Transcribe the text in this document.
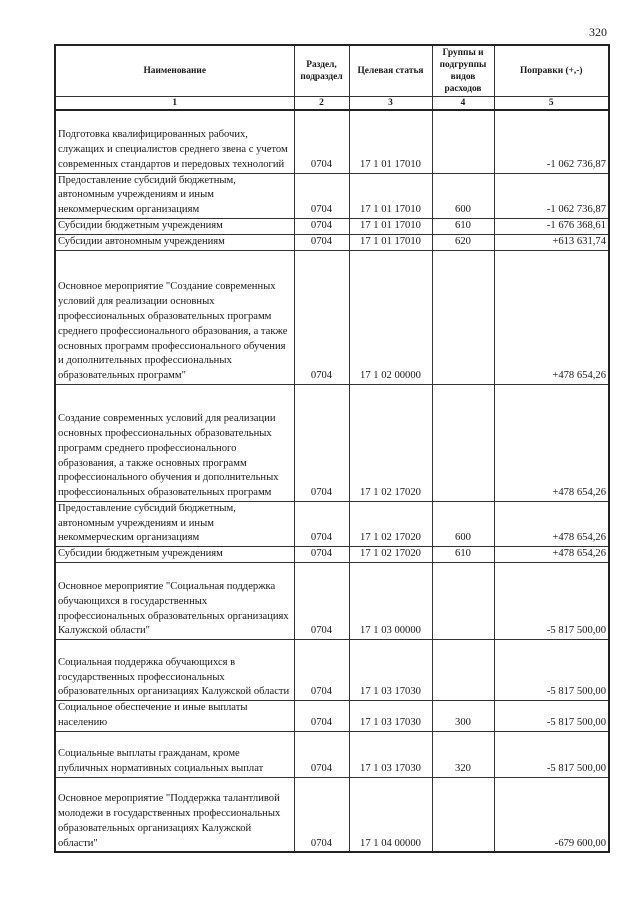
320
Наименование	Раздел, подраздел	Целевая статья	Группы и подгруппы видов расходов	Поправки (+,-)
1	2	3	4	5
Подготовка квалифицированных рабочих, служащих и специалистов среднего звена с учетом современных стандартов и передовых технологий	0704	17 1 01 17010		-1 062 736,87
Предоставление субсидий бюджетным, автономным учреждениям и иным некоммерческим организациям	0704	17 1 01 17010	600	-1 062 736,87
Субсидии бюджетным учреждениям	0704	17 1 01 17010	610	-1 676 368,61
Субсидии автономным учреждениям	0704	17 1 01 17010	620	+613 631,74
Основное мероприятие "Создание современных условий для реализации основных профессиональных образовательных программ среднего профессионального образования, а также основных программ профессионального обучения и дополнительных профессиональных образовательных программ"	0704	17 1 02 00000		+478 654,26
Создание современных условий для реализации основных профессиональных образовательных программ среднего профессионального образования, а также основных программ профессионального обучения и дополнительных профессиональных образовательных программ	0704	17 1 02 17020		+478 654,26
Предоставление субсидий бюджетным, автономным учреждениям и иным некоммерческим организациям	0704	17 1 02 17020	600	+478 654,26
Субсидии бюджетным учреждениям	0704	17 1 02 17020	610	+478 654,26
Основное мероприятие "Социальная поддержка обучающихся в государственных профессиональных образовательных организациях Калужской области"	0704	17 1 03 00000		-5 817 500,00
Социальная поддержка обучающихся в государственных профессиональных образовательных организациях Калужской области	0704	17 1 03 17030		-5 817 500,00
Социальное обеспечение и иные выплаты населению	0704	17 1 03 17030	300	-5 817 500,00
Социальные выплаты гражданам, кроме публичных нормативных социальных выплат	0704	17 1 03 17030	320	-5 817 500,00
Основное мероприятие "Поддержка талантливой молодежи в государственных профессиональных образовательных организациях Калужской области"	0704	17 1 04 00000		-679 600,00
